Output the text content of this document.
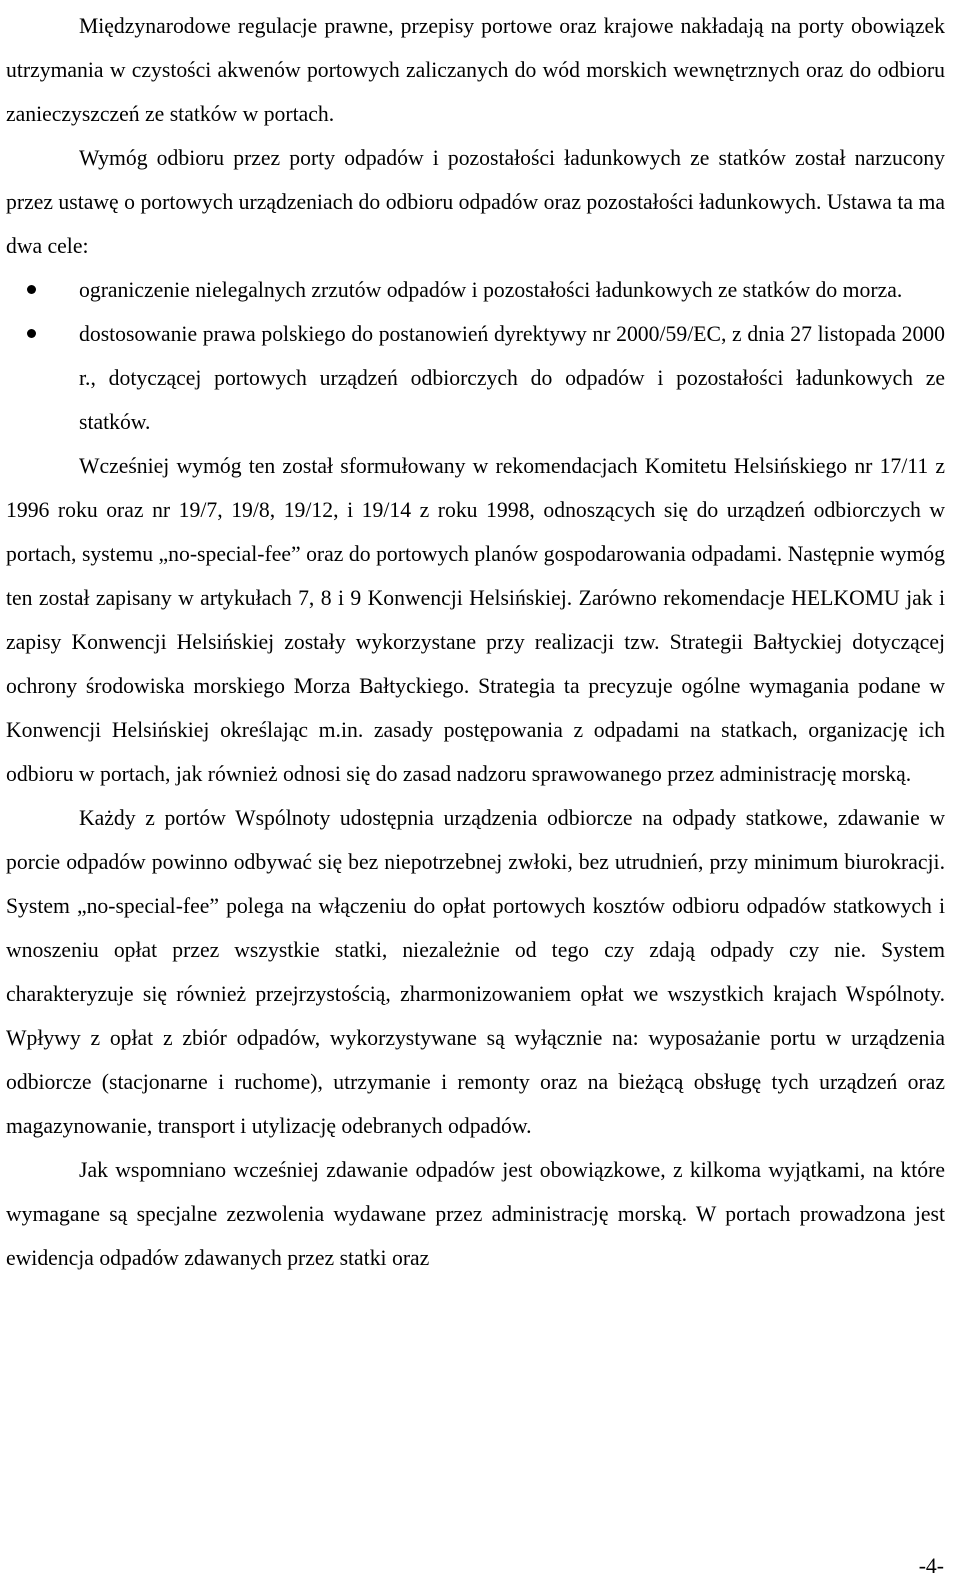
Międzynarodowe regulacje prawne, przepisy portowe oraz krajowe nakładają na porty obowiązek utrzymania w czystości akwenów portowych zaliczanych do wód morskich wewnętrznych oraz do odbioru zanieczyszczeń ze statków w portach.

Wymóg odbioru przez porty odpadów i pozostałości ładunkowych ze statków został narzucony przez ustawę o portowych urządzeniach do odbioru odpadów oraz pozostałości ładunkowych. Ustawa ta ma dwa cele:

ograniczenie nielegalnych zrzutów odpadów i pozostałości ładunkowych ze statków do morza.
dostosowanie prawa polskiego do postanowień dyrektywy nr 2000/59/EC, z dnia 27 listopada 2000 r., dotyczącej portowych urządzeń odbiorczych do odpadów i pozostałości ładunkowych ze statków.

Wcześniej wymóg ten został sformułowany w rekomendacjach Komitetu Helsińskiego nr 17/11 z 1996 roku oraz nr 19/7, 19/8, 19/12, i 19/14 z roku 1998, odnoszących się do urządzeń odbiorczych w portach, systemu „no-special-fee” oraz do portowych planów gospodarowania odpadami. Następnie wymóg ten został zapisany w artykułach 7, 8 i 9 Konwencji Helsińskiej. Zarówno rekomendacje HELKOMU jak i zapisy Konwencji Helsińskiej zostały wykorzystane przy realizacji tzw. Strategii Bałtyckiej dotyczącej ochrony środowiska morskiego Morza Bałtyckiego. Strategia ta precyzuje ogólne wymagania podane w Konwencji Helsińskiej określając m.in. zasady postępowania z odpadami na statkach, organizację ich odbioru w portach, jak również odnosi się do zasad nadzoru sprawowanego przez administrację morską.

Każdy z portów Wspólnoty udostępnia urządzenia odbiorcze na odpady statkowe, zdawanie w porcie odpadów powinno odbywać się bez niepotrzebnej zwłoki, bez utrudnień, przy minimum biurokracji. System „no-special-fee” polega na włączeniu do opłat portowych kosztów odbioru odpadów statkowych i wnoszeniu opłat przez wszystkie statki, niezależnie od tego czy zdają odpady czy nie. System charakteryzuje się również przejrzystością, zharmonizowaniem opłat we wszystkich krajach Wspólnoty. Wpływy z opłat z zbiór odpadów, wykorzystywane są wyłącznie na: wyposażanie portu w urządzenia odbiorcze (stacjonarne i ruchome), utrzymanie i remonty oraz na bieżącą obsługę tych urządzeń oraz magazynowanie, transport i utylizację odebranych odpadów.

Jak wspomniano wcześniej zdawanie odpadów jest obowiązkowe, z kilkoma wyjątkami, na które wymagane są specjalne zezwolenia wydawane przez administrację morską. W portach prowadzona jest ewidencja odpadów zdawanych przez statki oraz

-4-
